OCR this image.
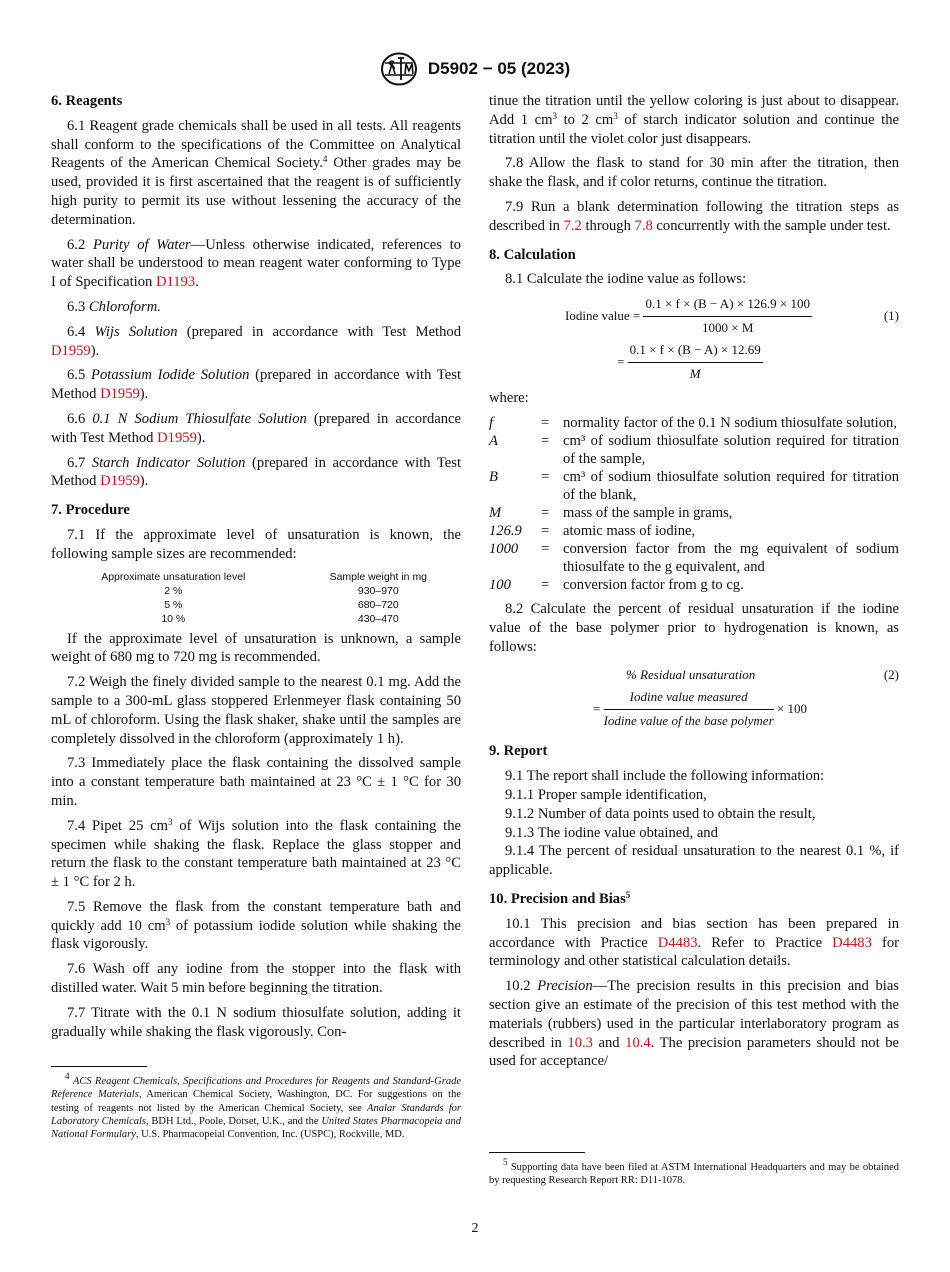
D5902 − 05 (2023)
6. Reagents

6.1 Reagent grade chemicals shall be used in all tests. All reagents shall conform to the specifications of the Committee on Analytical Reagents of the American Chemical Society.$^4$ Other grades may be used, provided it is first ascertained that the reagent is of sufficiently high purity to permit its use without lessening the accuracy of the determination.

6.2 Purity of Water—Unless otherwise indicated, references to water shall be understood to mean reagent water conforming to Type I of Specification D1193.

6.3 Chloroform.

6.4 Wijs Solution (prepared in accordance with Test Method D1959).

6.5 Potassium Iodide Solution (prepared in accordance with Test Method D1959).

6.6 0.1 N Sodium Thiosulfate Solution (prepared in accordance with Test Method D1959).

6.7 Starch Indicator Solution (prepared in accordance with Test Method D1959).

7. Procedure

7.1 If the approximate level of unsaturation is known, the following sample sizes are recommended:

Approximate unsaturation level	Sample weight in mg
2 %	930–970
5 %	680–720
10 %	430–470

If the approximate level of unsaturation is unknown, a sample weight of 680 mg to 720 mg is recommended.

7.2 Weigh the finely divided sample to the nearest 0.1 mg. Add the sample to a 300-mL glass stoppered Erlenmeyer flask containing 50 mL of chloroform. Using the flask shaker, shake until the samples are completely dissolved in the chloroform (approximately 1 h).

7.3 Immediately place the flask containing the dissolved sample into a constant temperature bath maintained at 23 °C ± 1 °C for 30 min.

7.4 Pipet 25 $cm^3$ of Wijs solution into the flask containing the specimen while shaking the flask. Replace the glass stopper and return the flask to the constant temperature bath maintained at 23 °C ± 1 °C for 2 h.

7.5 Remove the flask from the constant temperature bath and quickly add 10 $cm^3$ of potassium iodide solution while shaking the flask vigorously.

7.6 Wash off any iodine from the stopper into the flask with distilled water. Wait 5 min before beginning the titration.

7.7 Titrate with the 0.1 N sodium thiosulfate solution, adding it gradually while shaking the flask vigorously. Con-

$^4$ ACS Reagent Chemicals, Specifications and Procedures for Reagents and Standard-Grade Reference Materials, American Chemical Society, Washington, DC. For suggestions on the testing of reagents not listed by the American Chemical Society, see Analar Standards for Laboratory Chemicals, BDH Ltd., Poole, Dorset, U.K., and the United States Pharmacopeia and National Formulary, U.S. Pharmacopeial Convention, Inc. (USPC), Rockville, MD.

tinue the titration until the yellow coloring is just about to disappear. Add 1 $cm^3$ to 2 $cm^3$ of starch indicator solution and continue the titration until the violet color just disappears.

7.8 Allow the flask to stand for 30 min after the titration, then shake the flask, and if color returns, continue the titration.

7.9 Run a blank determination following the titration steps as described in 7.2 through 7.8 concurrently with the sample under test.

8. Calculation

8.1 Calculate the iodine value as follows:

Iodine value = $\frac{0.1 \times f \times (B - A) \times 126.9 \times 100}{1000 \times M}$	(1)
= $\frac{0.1 \times f \times (B - A) \times 12.69}{M}$

where:

f	=	normality factor of the 0.1 N sodium thiosulfate solution,
A	=	cm³ of sodium thiosulfate solution required for titration of the sample,
B	=	cm³ of sodium thiosulfate solution required for titration of the blank,
M	=	mass of the sample in grams,
126.9	=	atomic mass of iodine,
1000	=	conversion factor from the mg equivalent of sodium thiosulfate to the g equivalent, and
100	=	conversion factor from g to cg.

8.2 Calculate the percent of residual unsaturation if the iodine value of the base polymer prior to hydrogenation is known, as follows:

% Residual unsaturation	(2)
= $\frac{\text{Iodine value measured}}{\text{Iodine value of the base polymer}} \times 100$
9. Report

9.1 The report shall include the following information:

9.1.1 Proper sample identification,

9.1.2 Number of data points used to obtain the result,

9.1.3 The iodine value obtained, and

9.1.4 The percent of residual unsaturation to the nearest 0.1 %, if applicable.

10. Precision and Bias$^5$

10.1 This precision and bias section has been prepared in accordance with Practice D4483. Refer to Practice D4483 for terminology and other statistical calculation details.

10.2 Precision—The precision results in this precision and bias section give an estimate of the precision of this test method with the materials (rubbers) used in the particular interlaboratory program as described in 10.3 and 10.4. The precision parameters should not be used for acceptance/

$^5$ Supporting data have been filed at ASTM International Headquarters and may be obtained by requesting Research Report RR: D11-1078.
2
